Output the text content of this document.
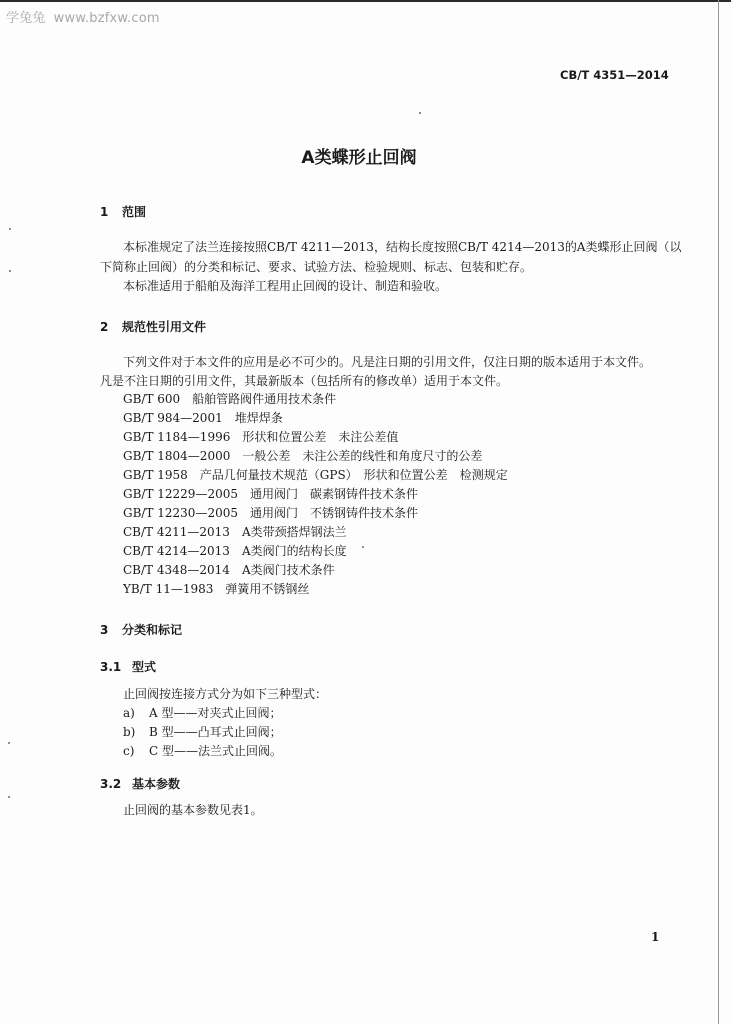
学兔兔 www.bzfxw.com
CB/T 4351—2014
A类蝶形止回阀
1 范围
本标准规定了法兰连接按照CB/T 4211—2013，结构长度按照CB/T 4214—2013的A类蝶形止回阀（以
下简称止回阀）的分类和标记、要求、试验方法、检验规则、标志、包装和贮存。
本标准适用于船舶及海洋工程用止回阀的设计、制造和验收。
2 规范性引用文件
下列文件对于本文件的应用是必不可少的。凡是注日期的引用文件，仅注日期的版本适用于本文件。
凡是不注日期的引用文件，其最新版本（包括所有的修改单）适用于本文件。
GB/T 600　船舶管路阀件通用技术条件
GB/T 984—2001　堆焊焊条
GB/T 1184—1996　形状和位置公差　未注公差值
GB/T 1804—2000　一般公差　未注公差的线性和角度尺寸的公差
GB/T 1958　产品几何量技术规范（GPS）　形状和位置公差　检测规定
GB/T 12229—2005　通用阀门　碳素钢铸件技术条件
GB/T 12230—2005　通用阀门　不锈钢铸件技术条件
CB/T 4211—2013　A类带颈搭焊钢法兰
CB/T 4214—2013　A类阀门的结构长度
CB/T 4348—2014　A类阀门技术条件
YB/T 11—1983　弹簧用不锈钢丝
3 分类和标记
3.1 型式
止回阀按连接方式分为如下三种型式：
a) A 型——对夹式止回阀；
b) B 型——凸耳式止回阀；
c) C 型——法兰式止回阀。
3.2 基本参数
止回阀的基本参数见表1。
1
